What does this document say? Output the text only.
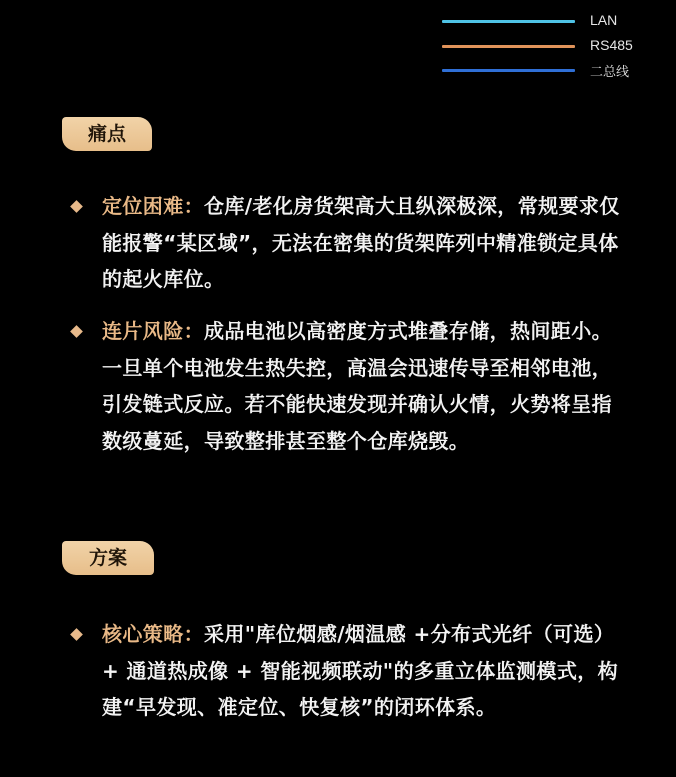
LAN
RS485
二总线
痛点
定位困难：仓库/老化房货架高大且纵深极深，常规要求仅能报警“某区域”，无法在密集的货架阵列中精准锁定具体的起火库位。
连片风险：成品电池以高密度方式堆叠存储，热间距小。一旦单个电池发生热失控，高温会迅速传导至相邻电池，引发链式反应。若不能快速发现并确认火情，火势将呈指数级蔓延，导致整排甚至整个仓库烧毁。
方案
核心策略：采用"库位烟感/烟温感 +分布式光纤（可选）+ 通道热成像 + 智能视频联动"的多重立体监测模式，构建“早发现、准定位、快复核”的闭环体系。
